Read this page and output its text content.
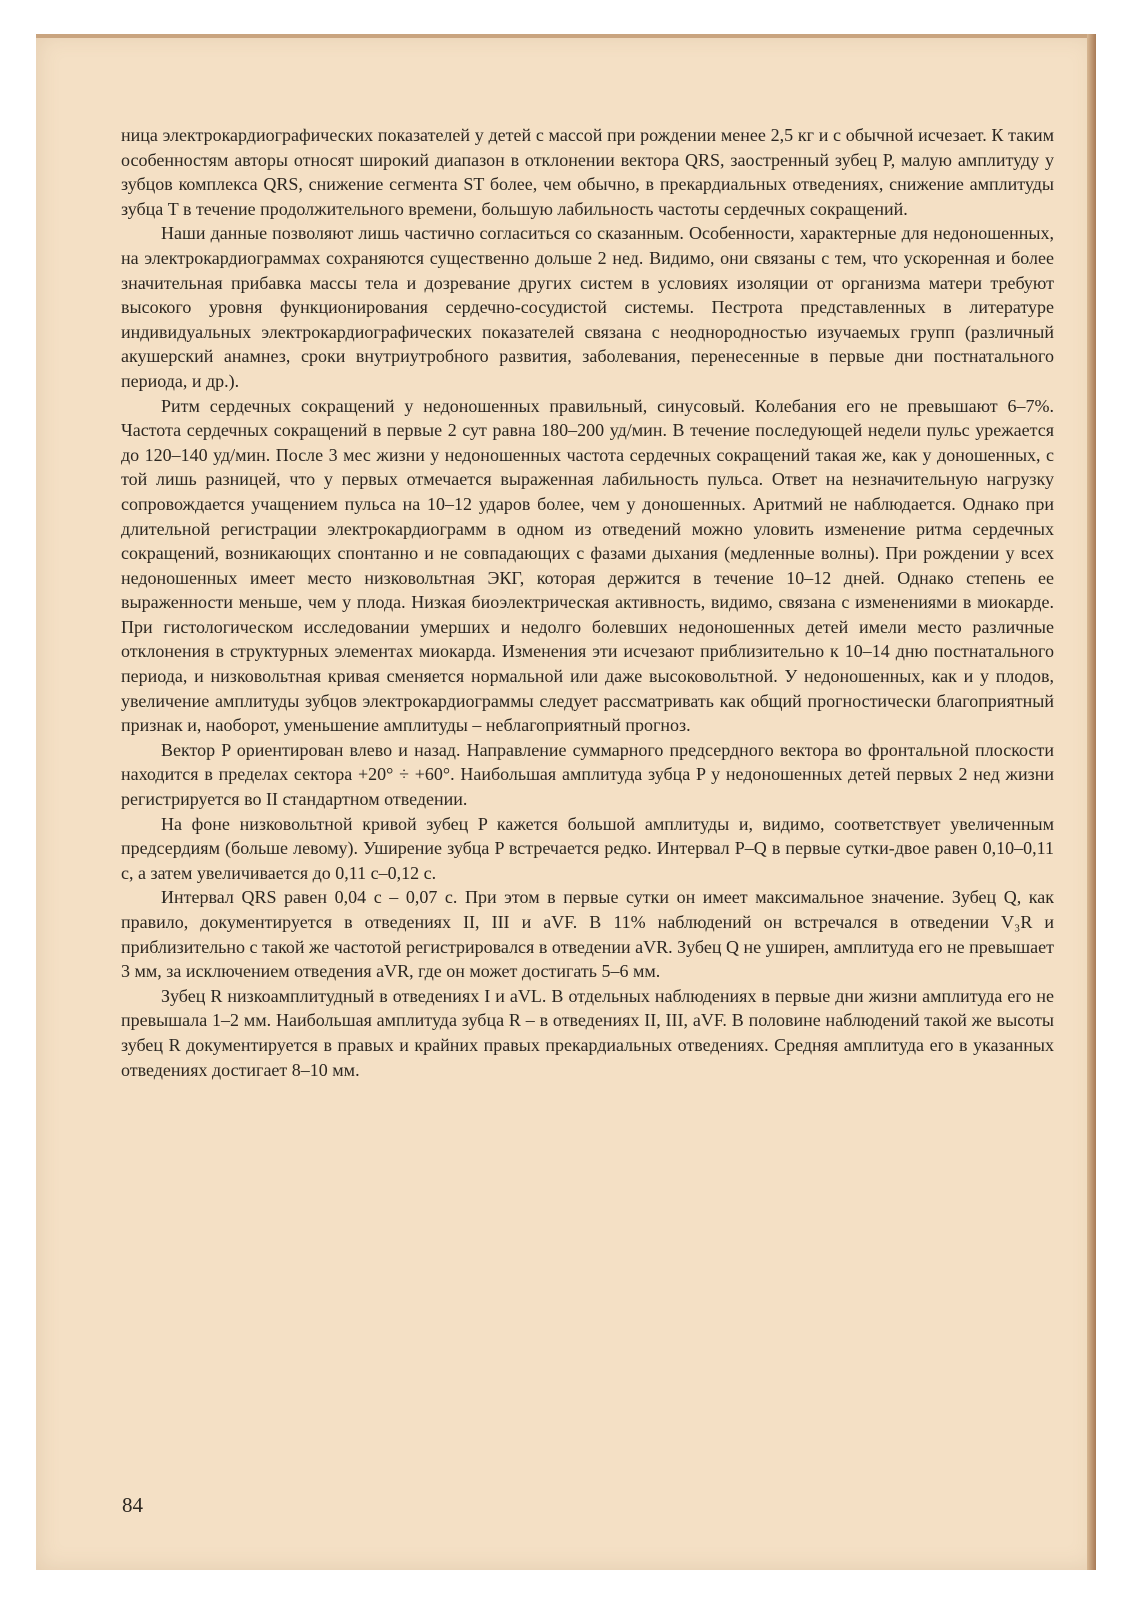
ница электрокардиографических показателей у детей с массой при рождении менее 2,5 кг и с обычной исчезает. К таким особенностям авторы относят широкий диапазон в отклонении вектора QRS, заостренный зубец P, малую амплитуду у зубцов комплекса QRS, снижение сегмента ST более, чем обычно, в прекардиальных отведениях, снижение амплитуды зубца T в течение продолжительного времени, большую лабильность частоты сердечных сокращений.

Наши данные позволяют лишь частично согласиться со сказанным. Особенности, характерные для недоношенных, на электрокардиограммах сохраняются существенно дольше 2 нед. Видимо, они связаны с тем, что ускоренная и более значительная прибавка массы тела и дозревание других систем в условиях изоляции от организма матери требуют высокого уровня функционирования сердечно-сосудистой системы. Пестрота представленных в литературе индивидуальных электрокардиографических показателей связана с неоднородностью изучаемых групп (различный акушерский анамнез, сроки внутриутробного развития, заболевания, перенесенные в первые дни постнатального периода, и др.).

Ритм сердечных сокращений у недоношенных правильный, синусовый. Колебания его не превышают 6–7%. Частота сердечных сокращений в первые 2 сут равна 180–200 уд/мин. В течение последующей недели пульс урежается до 120–140 уд/мин. После 3 мес жизни у недоношенных частота сердечных сокращений такая же, как у доношенных, с той лишь разницей, что у первых отмечается выраженная лабильность пульса. Ответ на незначительную нагрузку сопровождается учащением пульса на 10–12 ударов более, чем у доношенных. Аритмий не наблюдается. Однако при длительной регистрации электрокардиограмм в одном из отведений можно уловить изменение ритма сердечных сокращений, возникающих спонтанно и не совпадающих с фазами дыхания (медленные волны). При рождении у всех недоношенных имеет место низковольтная ЭКГ, которая держится в течение 10–12 дней. Однако степень ее выраженности меньше, чем у плода. Низкая биоэлектрическая активность, видимо, связана с изменениями в миокарде. При гистологическом исследовании умерших и недолго болевших недоношенных детей имели место различные отклонения в структурных элементах миокарда. Изменения эти исчезают приблизительно к 10–14 дню постнатального периода, и низковольтная кривая сменяется нормальной или даже высоковольтной. У недоношенных, как и у плодов, увеличение амплитуды зубцов электрокардиограммы следует рассматривать как общий прогностически благоприятный признак и, наоборот, уменьшение амплитуды – неблагоприятный прогноз.

Вектор P ориентирован влево и назад. Направление суммарного предсердного вектора во фронтальной плоскости находится в пределах сектора +20° ÷ +60°. Наибольшая амплитуда зубца P у недоношенных детей первых 2 нед жизни регистрируется во II стандартном отведении.

На фоне низковольтной кривой зубец P кажется большой амплитуды и, видимо, соответствует увеличенным предсердиям (больше левому). Уширение зубца P встречается редко. Интервал P–Q в первые сутки-двое равен 0,10–0,11 с, а затем увеличивается до 0,11 с–0,12 с.

Интервал QRS равен 0,04 с – 0,07 с. При этом в первые сутки он имеет максимальное значение. Зубец Q, как правило, документируется в отведениях II, III и aVF. В 11% наблюдений он встречался в отведении V₃R и приблизительно с такой же частотой регистрировался в отведении aVR. Зубец Q не уширен, амплитуда его не превышает 3 мм, за исключением отведения aVR, где он может достигать 5–6 мм.

Зубец R низкоамплитудный в отведениях I и aVL. В отдельных наблюдениях в первые дни жизни амплитуда его не превышала 1–2 мм. Наибольшая амплитуда зубца R – в отведениях II, III, aVF. В половине наблюдений такой же высоты зубец R документируется в правых и крайних правых прекардиальных отведениях. Средняя амплитуда его в указанных отведениях достигает 8–10 мм.

84
